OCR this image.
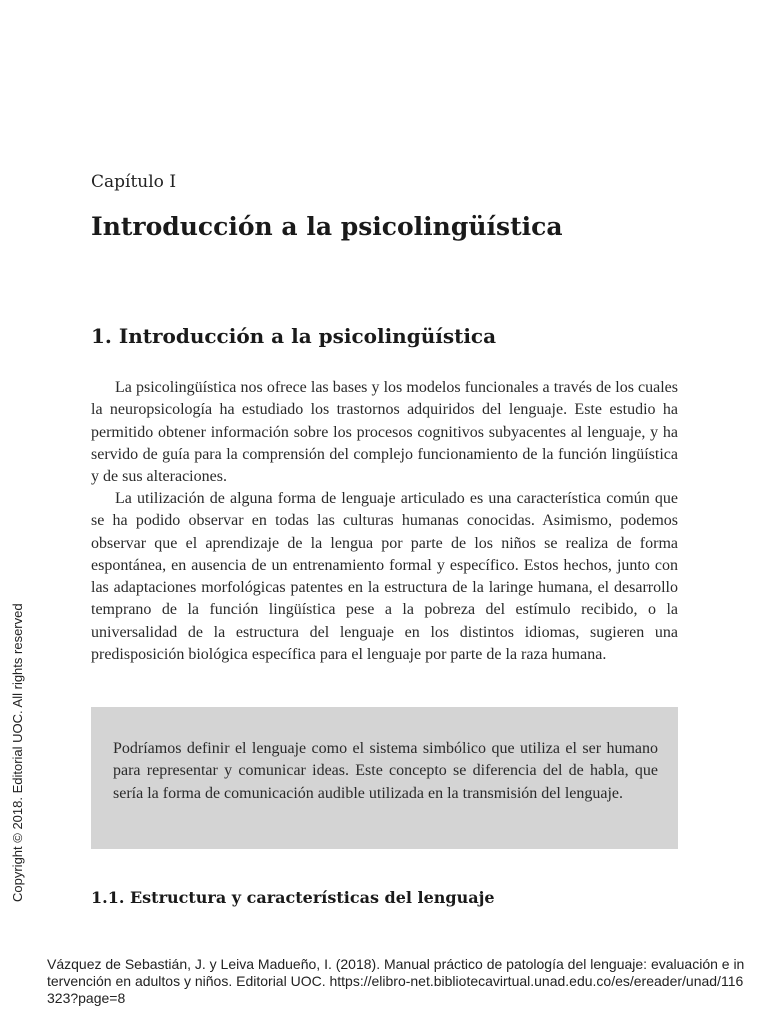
Capítulo I
Introducción a la psicolingüística
1. Introducción a la psicolingüística

La psicolingüística nos ofrece las bases y los modelos funcionales a través de los cuales la neuropsicología ha estudiado los trastornos adquiridos del lenguaje. Este estudio ha permitido obtener información sobre los procesos cognitivos subyacentes al lenguaje, y ha servido de guía para la comprensión del complejo funcionamiento de la función lingüística y de sus alteraciones.

La utilización de alguna forma de lenguaje articulado es una característica común que se ha podido observar en todas las culturas humanas conocidas. Asimismo, podemos observar que el aprendizaje de la lengua por parte de los niños se realiza de forma espontánea, en ausencia de un entrenamiento formal y específico. Estos hechos, junto con las adaptaciones morfológicas patentes en la estructura de la laringe humana, el desarrollo temprano de la función lingüística pese a la pobreza del estímulo recibido, o la universalidad de la estructura del lenguaje en los distintos idiomas, sugieren una predisposición biológica específica para el lenguaje por parte de la raza humana.

Podríamos definir el lenguaje como el sistema simbólico que utiliza el ser humano para representar y comunicar ideas. Este concepto se diferencia del de habla, que sería la forma de comunicación audible utilizada en la transmisión del lenguaje.

1.1. Estructura y características del lenguaje
Copyright © 2018. Editorial UOC. All rights reserved
Vázquez de Sebastián, J. y Leiva Madueño, I. (2018). Manual práctico de patología del lenguaje: evaluación e intervención en adultos y niños. Editorial UOC. https://elibro-net.bibliotecavirtual.unad.edu.co/es/ereader/unad/116323?page=8
